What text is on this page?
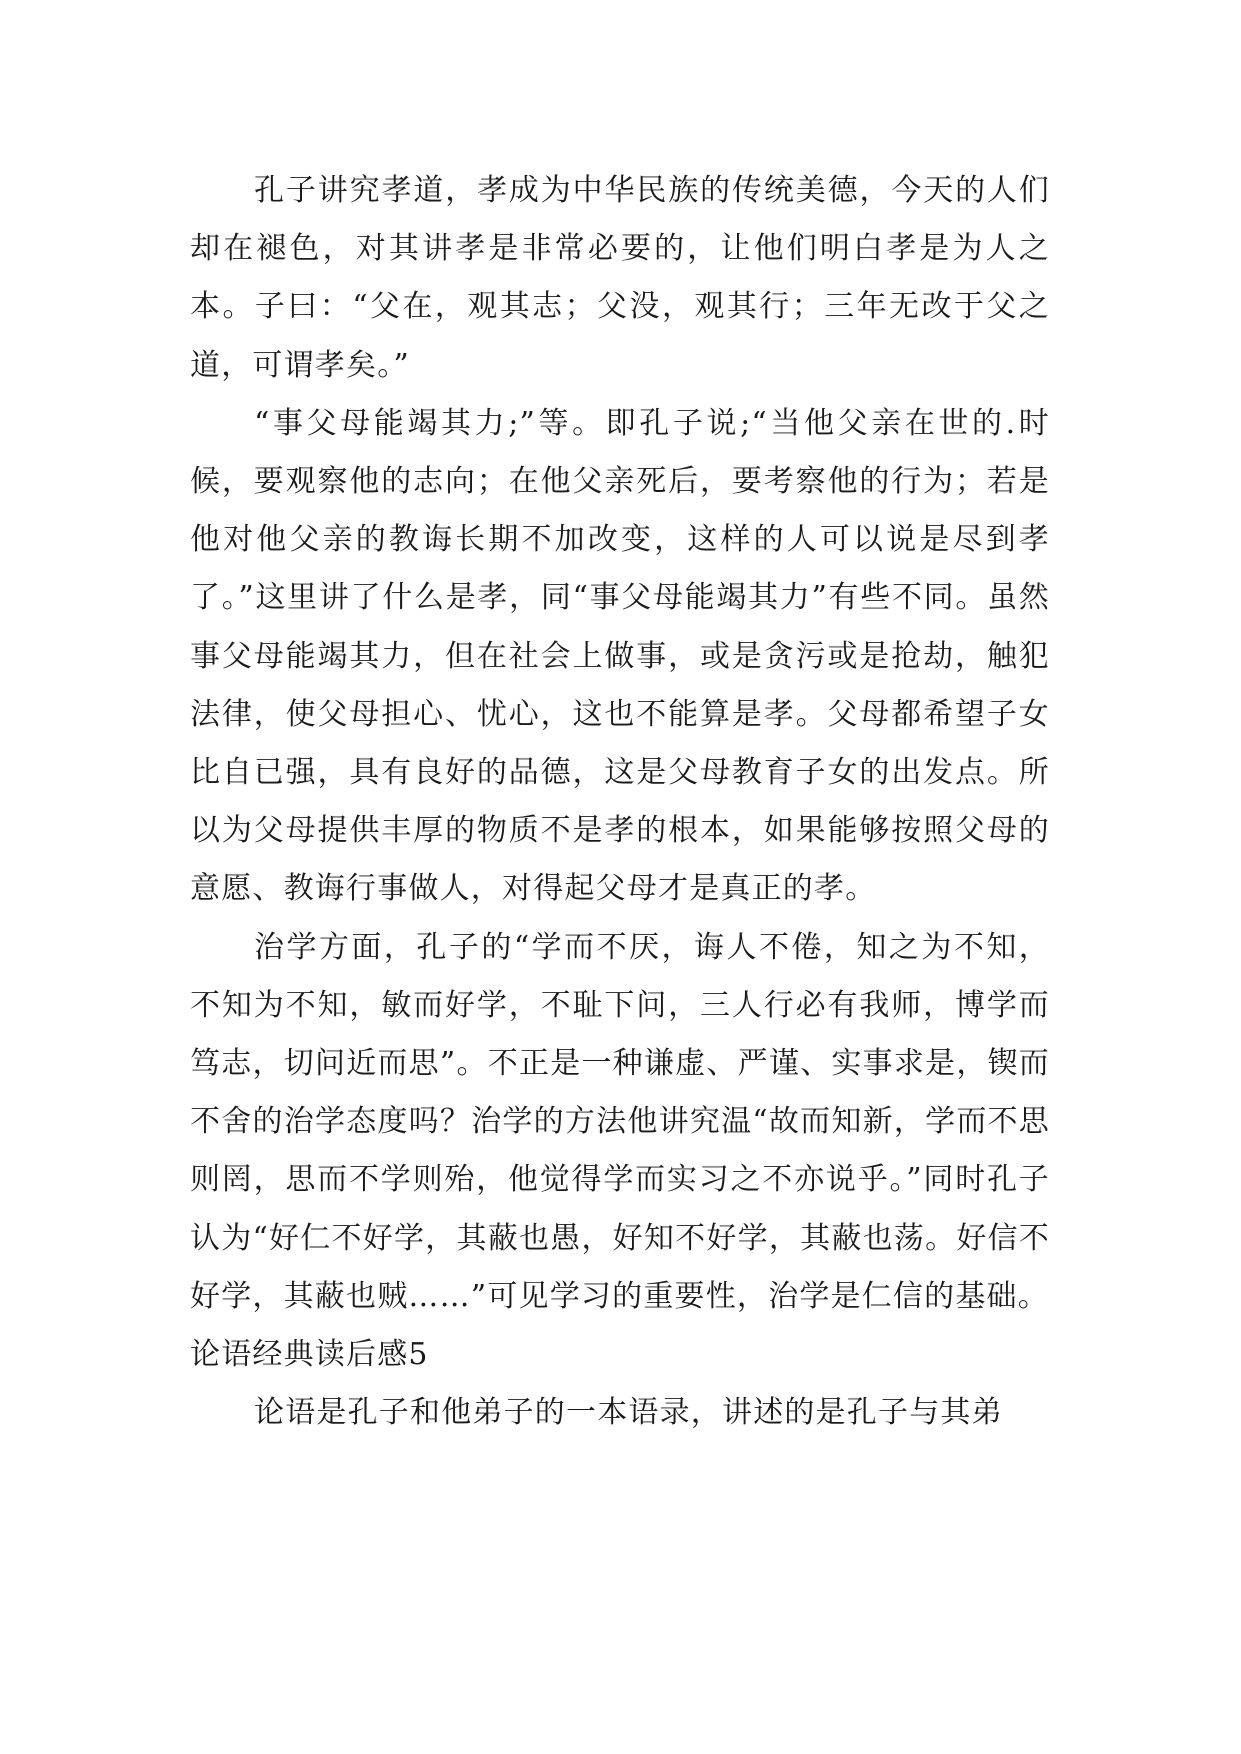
孔子讲究孝道，孝成为中华民族的传统美德，今天的人们却在褪色，对其讲孝是非常必要的，让他们明白孝是为人之本。子曰：“父在，观其志；父没，观其行；三年无改于父之道，可谓孝矣。”

“事父母能竭其力;”等。即孔子说;“当他父亲在世的.时候，要观察他的志向；在他父亲死后，要考察他的行为；若是他对他父亲的教诲长期不加改变，这样的人可以说是尽到孝了。”这里讲了什么是孝，同“事父母能竭其力”有些不同。虽然事父母能竭其力，但在社会上做事，或是贪污或是抢劫，触犯法律，使父母担心、忧心，这也不能算是孝。父母都希望子女比自已强，具有良好的品德，这是父母教育子女的出发点。所以为父母提供丰厚的物质不是孝的根本，如果能够按照父母的意愿、教诲行事做人，对得起父母才是真正的孝。

治学方面，孔子的“学而不厌，诲人不倦，知之为不知，不知为不知，敏而好学，不耻下问，三人行必有我师，博学而笃志，切问近而思”。不正是一种谦虚、严谨、实事求是，锲而不舍的治学态度吗？治学的方法他讲究温“故而知新，学而不思则罔，思而不学则殆，他觉得学而实习之不亦说乎。”同时孔子认为“好仁不好学，其蔽也愚，好知不好学，其蔽也荡。好信不好学，其蔽也贼……”可见学习的重要性，治学是仁信的基础。

论语经典读后感5

论语是孔子和他弟子的一本语录，讲述的是孔子与其弟
